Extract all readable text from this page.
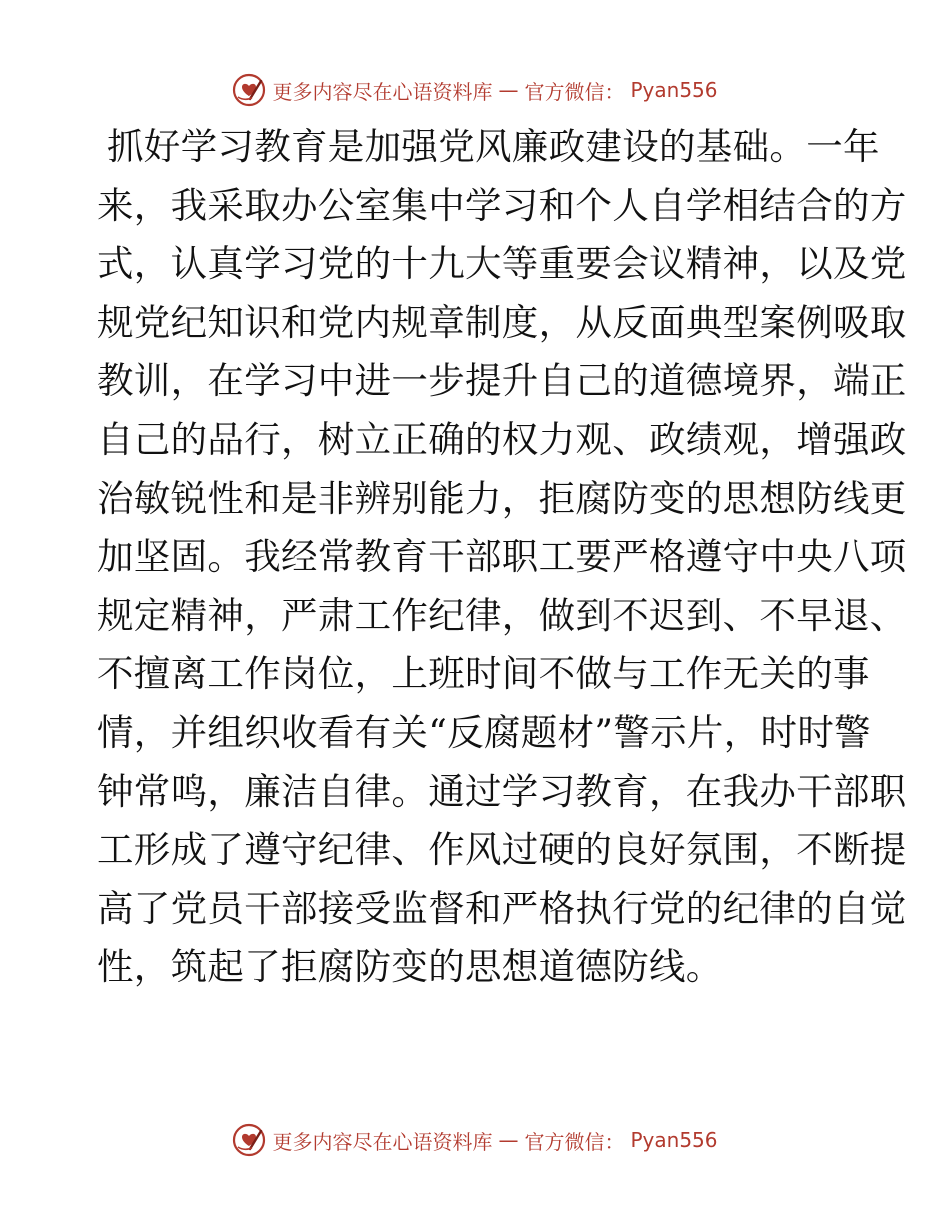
更多内容尽在心语资料库 — 官方微信： Pyan556
抓好学习教育是加强党风廉政建设的基础。一年
来，我采取办公室集中学习和个人自学相结合的方
式，认真学习党的十九大等重要会议精神，以及党
规党纪知识和党内规章制度，从反面典型案例吸取
教训，在学习中进一步提升自己的道德境界，端正
自己的品行，树立正确的权力观、政绩观，增强政
治敏锐性和是非辨别能力，拒腐防变的思想防线更
加坚固。我经常教育干部职工要严格遵守中央八项
规定精神，严肃工作纪律，做到不迟到、不早退、
不擅离工作岗位，上班时间不做与工作无关的事
情，并组织收看有关“反腐题材”警示片，时时警
钟常鸣，廉洁自律。通过学习教育，在我办干部职
工形成了遵守纪律、作风过硬的良好氛围，不断提
高了党员干部接受监督和严格执行党的纪律的自觉
性，筑起了拒腐防变的思想道德防线。
更多内容尽在心语资料库 — 官方微信： Pyan556
